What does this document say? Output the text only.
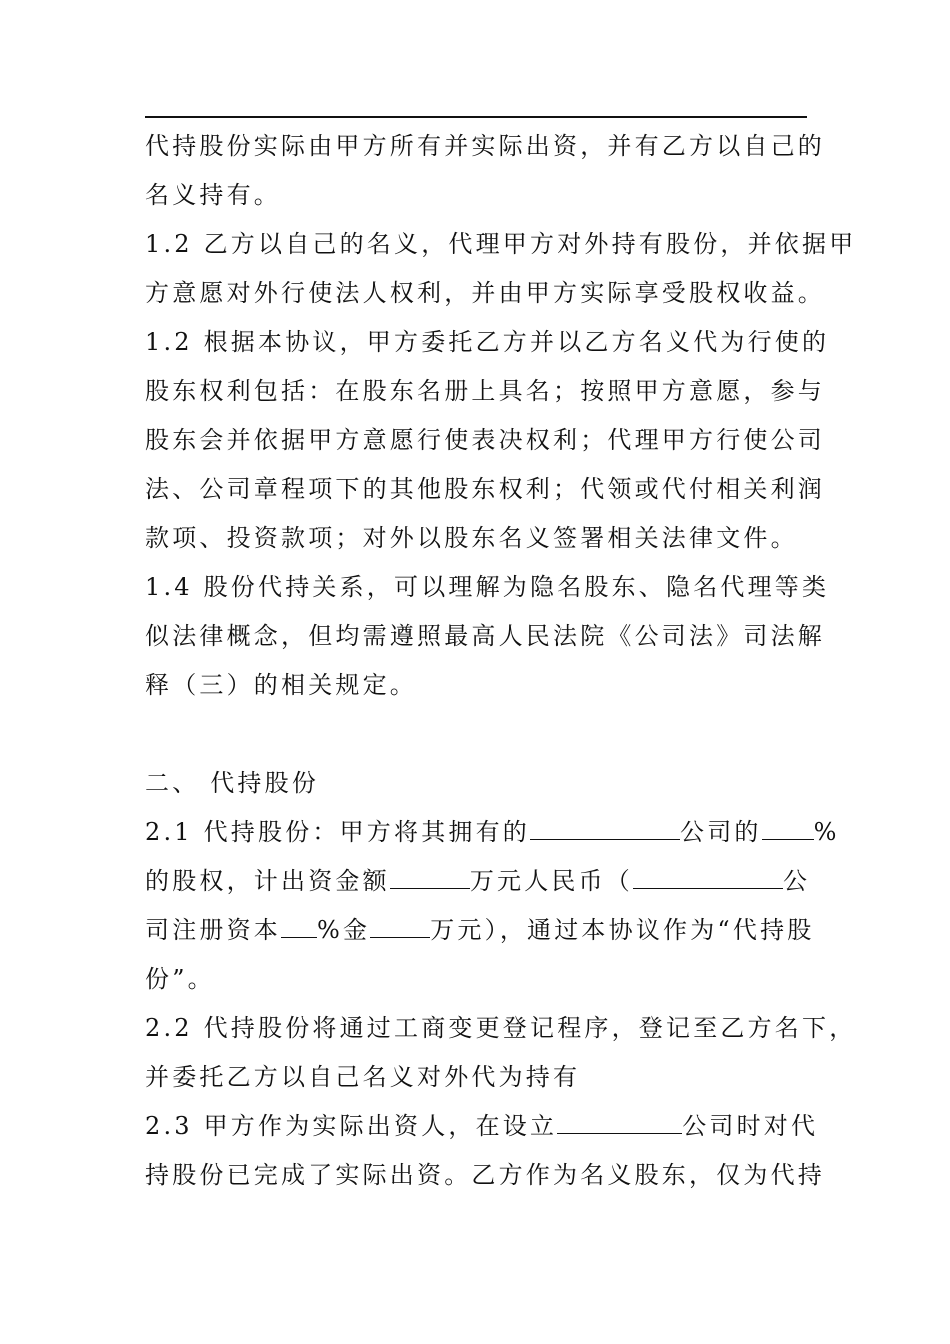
代持股份实际由甲方所有并实际出资，并有乙方以自己的
名义持有。
1.2 乙方以自己的名义，代理甲方对外持有股份，并依据甲
方意愿对外行使法人权利，并由甲方实际享受股权收益。
1.2 根据本协议，甲方委托乙方并以乙方名义代为行使的
股东权利包括：在股东名册上具名；按照甲方意愿，参与
股东会并依据甲方意愿行使表决权利；代理甲方行使公司
法、公司章程项下的其他股东权利；代领或代付相关利润
款项、投资款项；对外以股东名义签署相关法律文件。
1.4 股份代持关系，可以理解为隐名股东、隐名代理等类
似法律概念，但均需遵照最高人民法院《公司法》司法解
释（三）的相关规定。
二、 代持股份
2.1 代持股份：甲方将其拥有的	公司的 %
的股权，计出资金额	万元人民币（	公
司注册资本 %金	万元），通过本协议作为“代持股
份”。
2.2 代持股份将通过工商变更登记程序，登记至乙方名下，
并委托乙方以自己名义对外代为持有
2.3 甲方作为实际出资人，在设立	公司时对代
持股份已完成了实际出资。乙方作为名义股东，仅为代持
